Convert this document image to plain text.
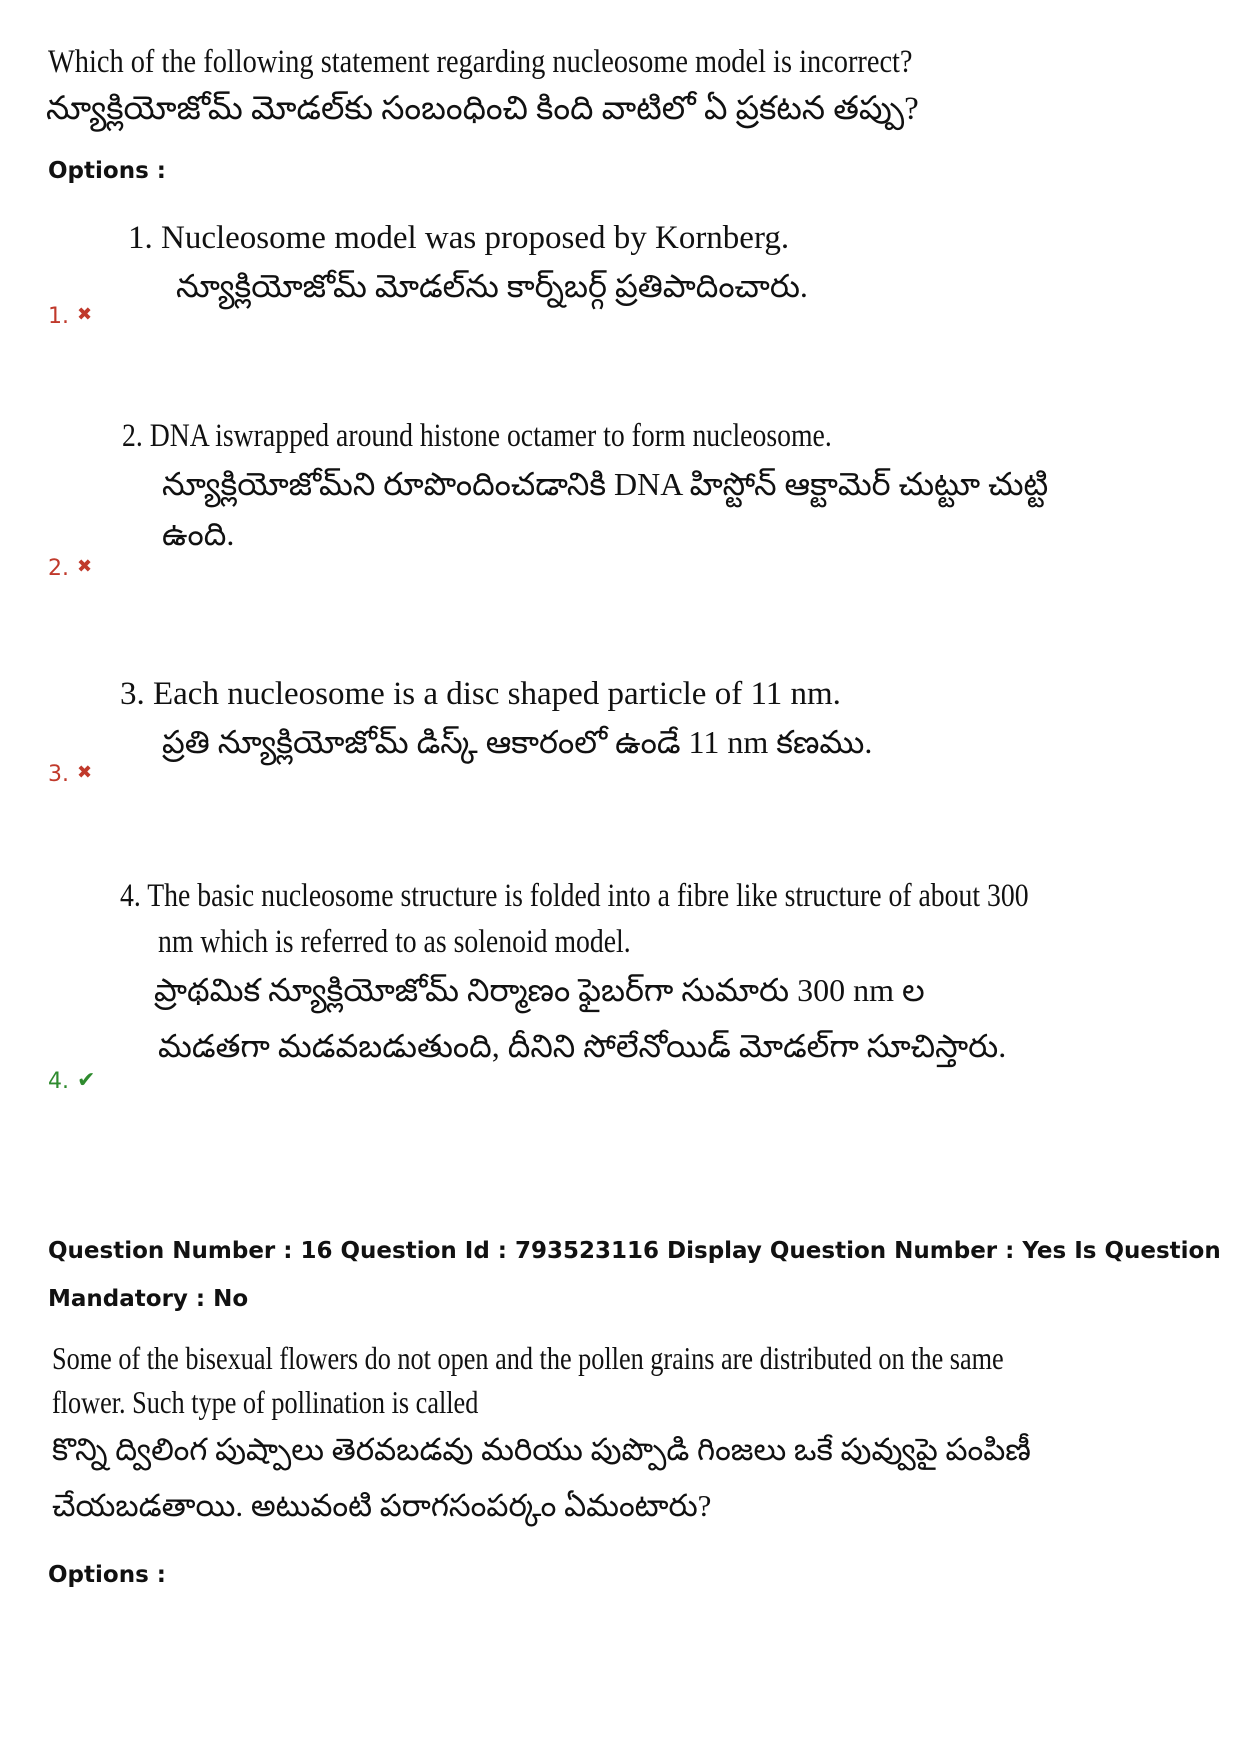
Which of the following statement regarding nucleosome model is incorrect?
న్యూక్లియోజోమ్ మోడల్‌కు సంబంధించి కింది వాటిలో ఏ ప్రకటన తప్పు?
Options :
1. Nucleosome model was proposed by Kornberg.
న్యూక్లియోజోమ్ మోడల్‌ను కార్న్‌బర్గ్ ప్రతిపాదించారు.
1. ✖
2. DNA iswrapped around histone octamer to form nucleosome.
న్యూక్లియోజోమ్‌ని రూపొందించడానికి DNA హిస్టోన్ ఆక్టామెర్ చుట్టూ చుట్టి
ఉంది.
2. ✖
3. Each nucleosome is a disc shaped particle of 11 nm.
ప్రతి న్యూక్లియోజోమ్ డిస్క్ ఆకారంలో ఉండే 11 nm కణము.
3. ✖
4. The basic nucleosome structure is folded into a fibre like structure of about 300
nm which is referred to as solenoid model.
ప్రాథమిక న్యూక్లియోజోమ్ నిర్మాణం ఫైబర్‌గా సుమారు 300 nm ల
మడతగా మడవబడుతుంది, దీనిని సోలేనోయిడ్ మోడల్‌గా సూచిస్తారు.
4. ✔
Question Number : 16 Question Id : 793523116 Display Question Number : Yes Is Question
Mandatory : No
Some of the bisexual flowers do not open and the pollen grains are distributed on the same
flower. Such type of pollination is called
కొన్ని ద్విలింగ పుష్పాలు తెరవబడవు మరియు పుప్పొడి గింజలు ఒకే పువ్వుపై పంపిణీ
చేయబడతాయి. అటువంటి పరాగసంపర్కం ఏమంటారు?
Options :
